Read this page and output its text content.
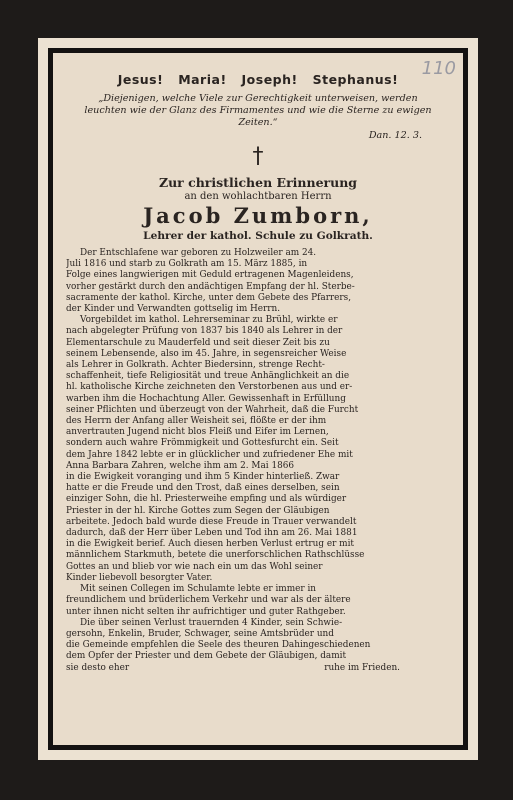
110
Jesus! Maria! Joseph! Stephanus!
„Diejenigen, welche Viele zur Gerechtigkeit unterweisen, werden leuchten wie der Glanz des Firmamentes und wie die Sterne zu ewigen Zeiten.“
Dan. 12. 3.
†
Zur christlichen Erinnerung
an den wohlachtbaren Herrn
Jacob Zumborn,
Lehrer der kathol. Schule zu Golkrath.
Der Entschlafene war geboren zu Holzweiler am 24.
Juli 1816 und starb zu Golkrath am 15. März 1885, in
Folge eines langwierigen mit Geduld ertragenen Magenleidens,
vorher gestärkt durch den andächtigen Empfang der hl. Sterbe-
sacramente der kathol. Kirche, unter dem Gebete des Pfarrers,
der Kinder und Verwandten gottselig im Herrn.
Vorgebildet im kathol. Lehrerseminar zu Brühl, wirkte er
nach abgelegter Prüfung von 1837 bis 1840 als Lehrer in der
Elementarschule zu Mauderfeld und seit dieser Zeit bis zu
seinem Lebensende, also im 45. Jahre, in segensreicher Weise
als Lehrer in Golkrath. Achter Biedersinn, strenge Recht-
schaffenheit, tiefe Religiosität und treue Anhänglichkeit an die
hl. katholische Kirche zeichneten den Verstorbenen aus und er-
warben ihm die Hochachtung Aller. Gewissenhaft in Erfüllung
seiner Pflichten und überzeugt von der Wahrheit, daß die Furcht
des Herrn der Anfang aller Weisheit sei, flößte er der ihm
anvertrauten Jugend nicht blos Fleiß und Eifer im Lernen,
sondern auch wahre Frömmigkeit und Gottesfurcht ein. Seit
dem Jahre 1842 lebte er in glücklicher und zufriedener Ehe mit
Anna Barbara Zahren, welche ihm am 2. Mai 1866
in die Ewigkeit voranging und ihm 5 Kinder hinterließ. Zwar
hatte er die Freude und den Trost, daß eines derselben, sein
einziger Sohn, die hl. Priesterweihe empfing und als würdiger
Priester in der hl. Kirche Gottes zum Segen der Gläubigen
arbeitete. Jedoch bald wurde diese Freude in Trauer verwandelt
dadurch, daß der Herr über Leben und Tod ihn am 26. Mai 1881
in die Ewigkeit berief. Auch diesen herben Verlust ertrug er mit
männlichem Starkmuth, betete die unerforschlichen Rathschlüsse
Gottes an und blieb vor wie nach ein um das Wohl seiner
Kinder liebevoll besorgter Vater.
Mit seinen Collegen im Schulamte lebte er immer in
freundlichem und brüderlichem Verkehr und war als der ältere
unter ihnen nicht selten ihr aufrichtiger und guter Rathgeber.
Die über seinen Verlust trauernden 4 Kinder, sein Schwie-
gersohn, Enkelin, Bruder, Schwager, seine Amtsbrüder und
die Gemeinde empfehlen die Seele des theuren Dahingeschiedenen
dem Opfer der Priester und dem Gebete der Gläubigen, damit
sie desto eher	ruhe im Frieden.
